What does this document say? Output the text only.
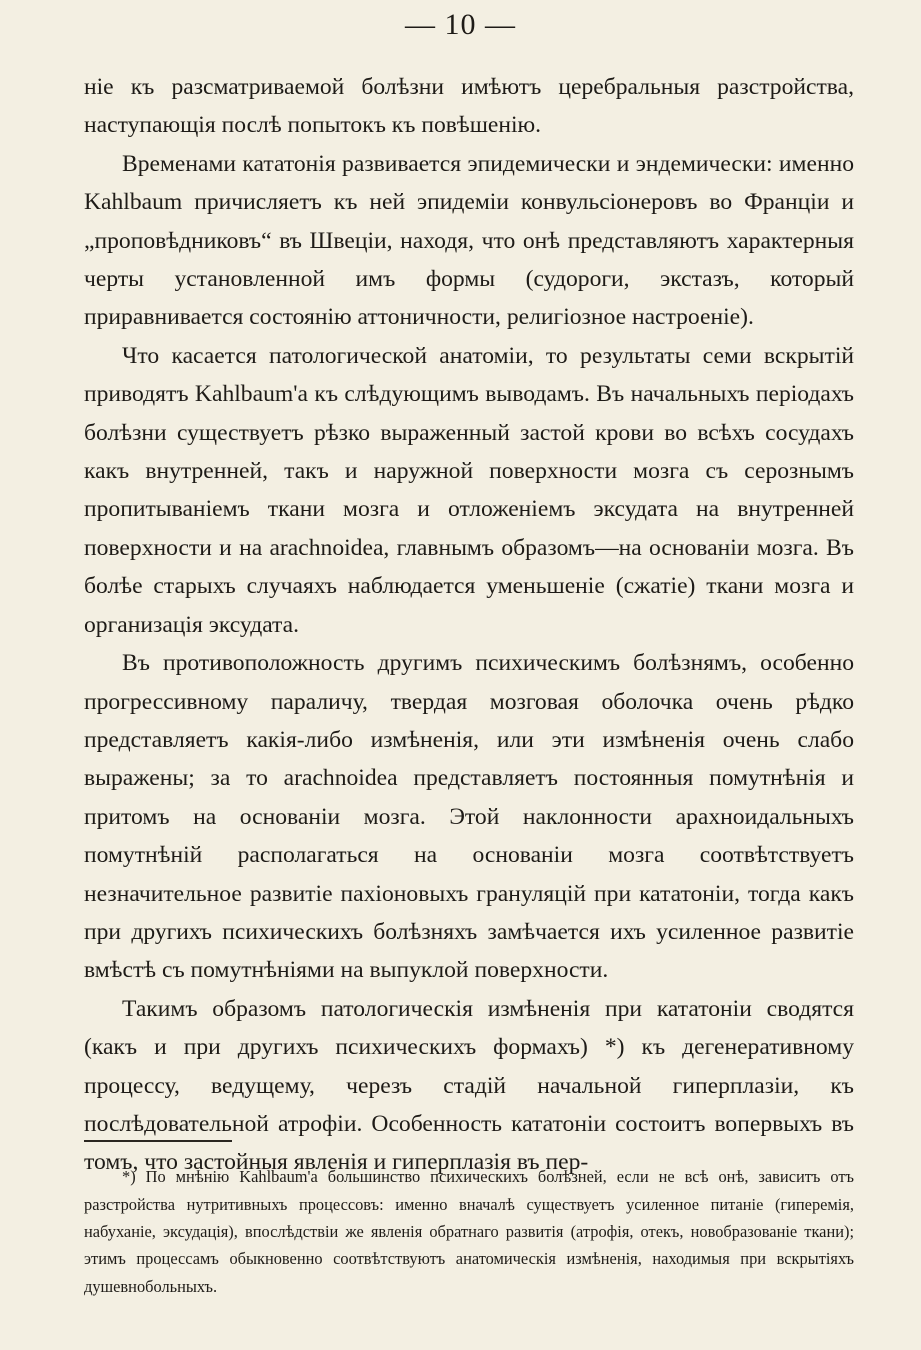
— 10 —

ніе къ разсматриваемой болѣзни имѣютъ церебральныя разстройства, наступающія послѣ попытокъ къ повѣшенію.

Временами кататонія развивается эпидемически и эндемически: именно Kahlbaum причисляетъ къ ней эпидеміи конвульсіонеровъ во Франціи и „проповѣдниковъ“ въ Швеціи, находя, что онѣ представляютъ характерныя черты установленной имъ формы (судороги, экстазъ, который приравнивается состоянію аттоничности, религіозное настроеніе).

Что касается патологической анатоміи, то результаты семи вскрытій приводятъ Kahlbaum'а къ слѣдующимъ выводамъ. Въ начальныхъ періодахъ болѣзни существуетъ рѣзко выраженный застой крови во всѣхъ сосудахъ какъ внутренней, такъ и наружной поверхности мозга съ серознымъ пропитываніемъ ткани мозга и отложеніемъ эксудата на внутренней поверхности и на arachnoidea, главнымъ образомъ—на основаніи мозга. Въ болѣе старыхъ случаяхъ наблюдается уменьшеніе (сжатіе) ткани мозга и организація эксудата.

Въ противоположность другимъ психическимъ болѣзнямъ, особенно прогрессивному параличу, твердая мозговая оболочка очень рѣдко представляетъ какія-либо измѣненія, или эти измѣненія очень слабо выражены; за то arachnoidea представляетъ постоянныя помутнѣнія и притомъ на основаніи мозга. Этой наклонности арахноидальныхъ помутнѣній располагаться на основаніи мозга соотвѣтствуетъ незначительное развитіе пахіоновыхъ грануляцій при кататоніи, тогда какъ при другихъ психическихъ болѣзняхъ замѣчается ихъ усиленное развитіе вмѣстѣ съ помутнѣніями на выпуклой поверхности.

Такимъ образомъ патологическія измѣненія при кататоніи сводятся (какъ и при другихъ психическихъ формахъ) *) къ дегенеративному процессу, ведущему, черезъ стадій начальной гиперплазіи, къ послѣдовательной атрофіи. Особенность кататоніи состоитъ вопервыхъ въ томъ, что застойныя явленія и гиперплазія въ пер-

*) По мнѣнію Kahlbaum'а большинство психическихъ болѣзней, если не всѣ онѣ, зависитъ отъ разстройства нутритивныхъ процессовъ: именно вначалѣ существуетъ усиленное питаніе (гиперемія, набуханіе, эксудація), впослѣдствіи же явленія обратнаго развитія (атрофія, отекъ, новобразованіе ткани); этимъ процессамъ обыкновенно соотвѣтствуютъ анатомическія измѣненія, находимыя при вскрытіяхъ душевнобольныхъ.
